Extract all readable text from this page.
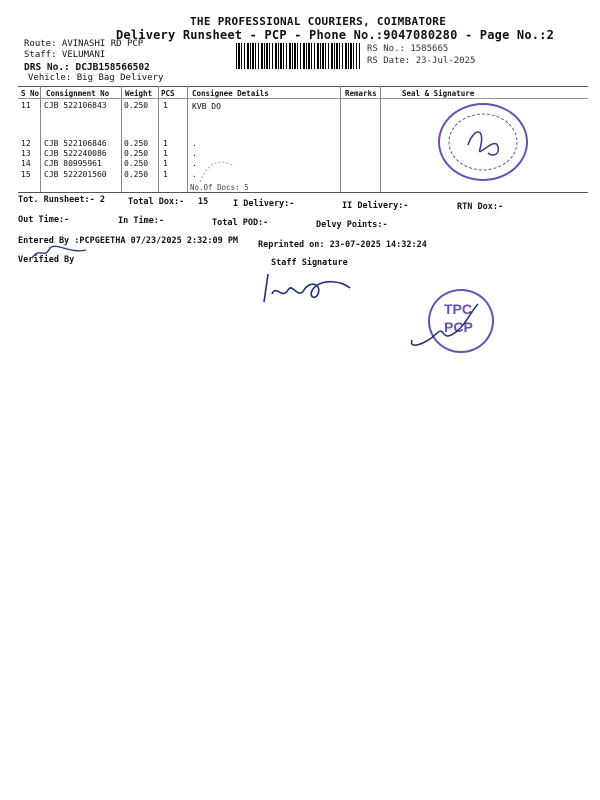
THE PROFESSIONAL COURIERS, COIMBATORE
Delivery Runsheet - PCP - Phone No.:9047080280 - Page No.:2
Route: AVINASHI RD PCP
Staff: VELUMANI
DRS No.: DCJB158566502
Vehicle: Big Bag Delivery
RS No.: 1585665
RS Date: 23-Jul-2025
S No Consignment No Weight PCS Consignee Details	Remarks	Seal & Signature
11 CJB 522106843 0.250 1	KVB DO
12 CJB 522106846 0.250 1	.
13 CJB 522240086 0.250 1	.
14 CJB 80995961	0.250 1	.
15 CJB 522201560 0.250 1	.
No.Of Docs: 5
Tot. Runsheet:- 2	Total Dox:- 15	I Delivery:-	II Delivery:-	RTN Dox:-
Out Time:-	In Time:-	Total POD:-	Delvy Points:-
Entered By :PCPGEETHA 07/23/2025 2:32:09 PM Reprinted on: 23-07-2025 14:32:24
Verified By	Staff Signature
TPC
PCP
